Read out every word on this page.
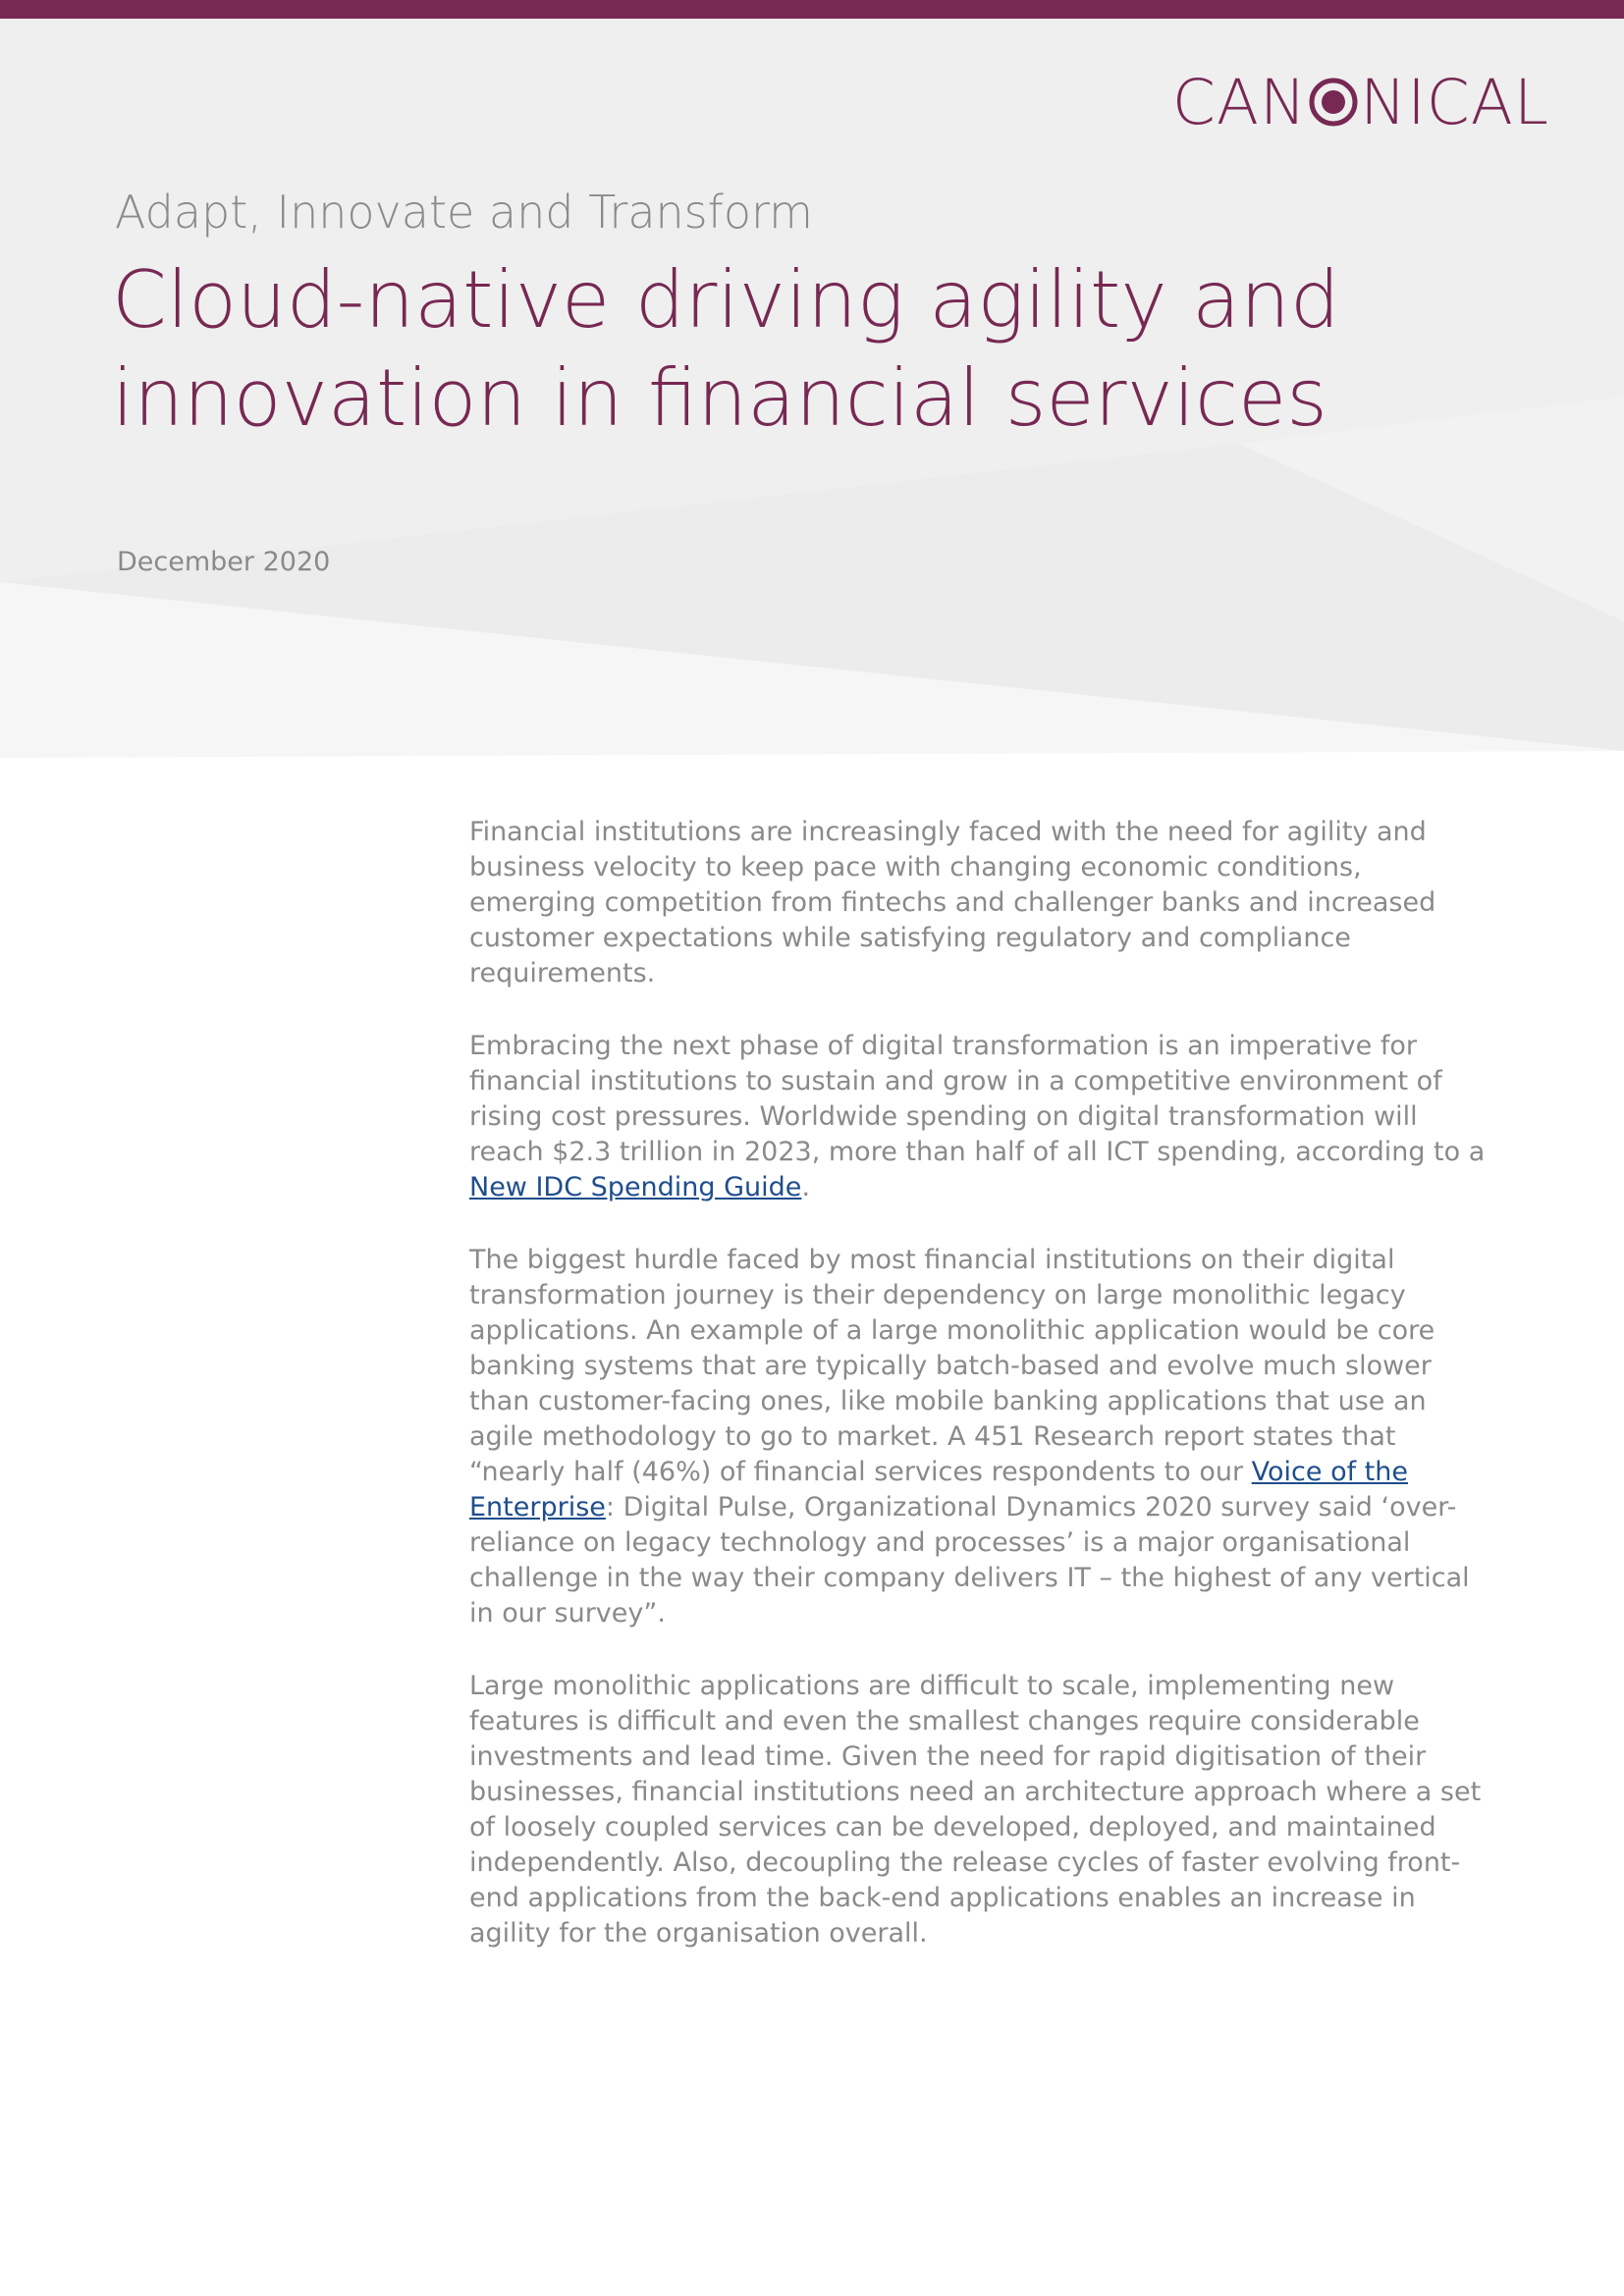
CAN NICAL
Adapt, Innovate and Transform
Cloud-native driving agility and
innovation in financial services
December 2020

Financial institutions are increasingly faced with the need for agility and business velocity to keep pace with changing economic conditions, emerging competition from fintechs and challenger banks and increased customer expectations while satisfying regulatory and compliance requirements.

Embracing the next phase of digital transformation is an imperative for financial institutions to sustain and grow in a competitive environment of rising cost pressures. Worldwide spending on digital transformation will reach $2.3 trillion in 2023, more than half of all ICT spending, according to a New IDC Spending Guide.

The biggest hurdle faced by most financial institutions on their digital transformation journey is their dependency on large monolithic legacy applications. An example of a large monolithic application would be core banking systems that are typically batch-based and evolve much slower than customer-facing ones, like mobile banking applications that use an agile methodology to go to market. A 451 Research report states that “nearly half (46%) of financial services respondents to our Voice of the Enterprise: Digital Pulse, Organizational Dynamics 2020 survey said ‘over-reliance on legacy technology and processes’ is a major organisational challenge in the way their company delivers IT – the highest of any vertical in our survey”.

Large monolithic applications are difficult to scale, implementing new features is difficult and even the smallest changes require considerable investments and lead time. Given the need for rapid digitisation of their businesses, financial institutions need an architecture approach where a set of loosely coupled services can be developed, deployed, and maintained independently. Also, decoupling the release cycles of faster evolving front-end applications from the back-end applications enables an increase in agility for the organisation overall.
